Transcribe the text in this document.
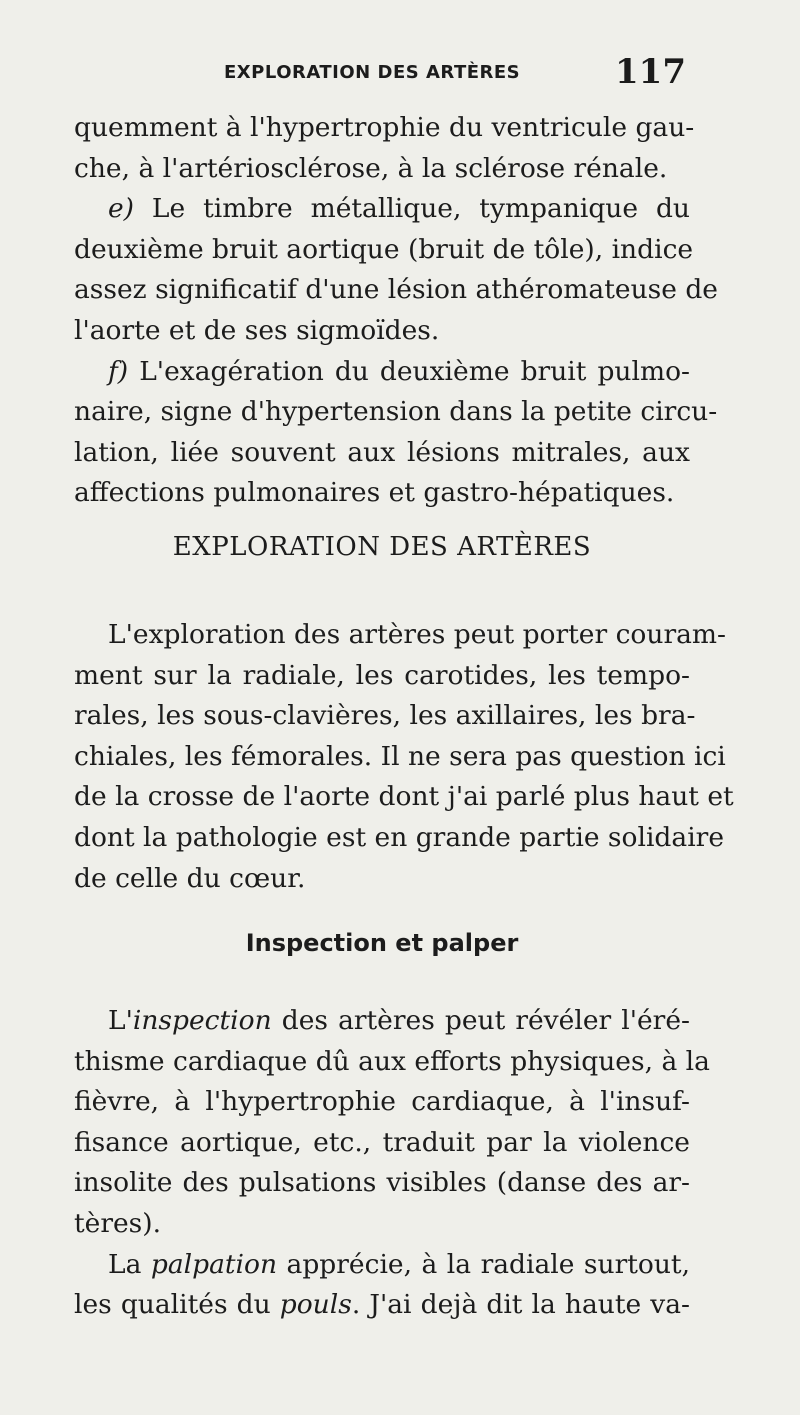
EXPLORATION DES ARTÈRES	117
quemment à l'hypertrophie du ventricule gau-
che, à l'artériosclérose, à la sclérose rénale.
e) Le timbre métallique, tympanique du
deuxième bruit aortique (bruit de tôle), indice
assez significatif d'une lésion athéromateuse de
l'aorte et de ses sigmoïdes.
f) L'exagération du deuxième bruit pulmo-
naire, signe d'hypertension dans la petite circu-
lation, liée souvent aux lésions mitrales, aux
affections pulmonaires et gastro-hépatiques.
EXPLORATION DES ARTÈRES
L'exploration des artères peut porter couram-
ment sur la radiale, les carotides, les tempo-
rales, les sous-clavières, les axillaires, les bra-
chiales, les fémorales. Il ne sera pas question ici
de la crosse de l'aorte dont j'ai parlé plus haut et
dont la pathologie est en grande partie solidaire
de celle du cœur.
Inspection et palper
L'inspection des artères peut révéler l'éré-
thisme cardiaque dû aux efforts physiques, à la
fièvre, à l'hypertrophie cardiaque, à l'insuf-
fisance aortique, etc., traduit par la violence
insolite des pulsations visibles (danse des ar-
tères).
La palpation apprécie, à la radiale surtout,
les qualités du pouls. J'ai dejà dit la haute va-
